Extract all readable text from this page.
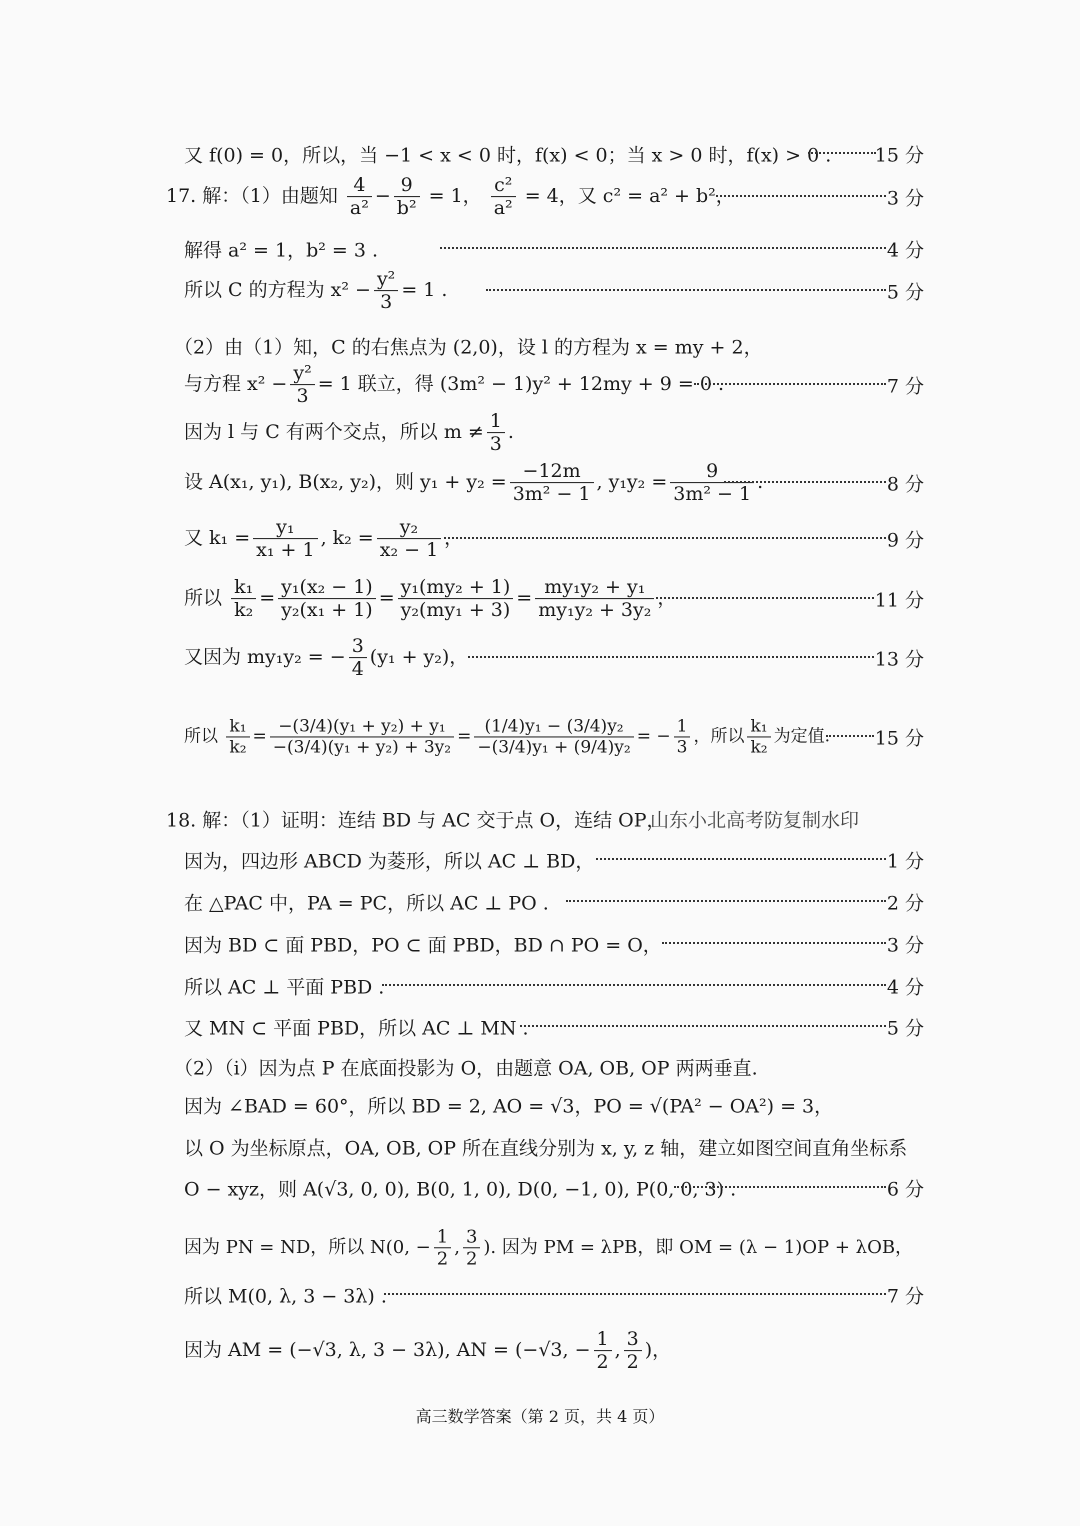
又 f(0) = 0，所以，当 −1 < x < 0 时，f(x) < 0；当 x > 0 时，f(x) > 0 . 15 分
17. 解：（1）由题知 $\frac{4}{\text{a²}} - \frac{9}{\text{b²}} = 1$， $\frac{\text{c²}}{\text{a²}} = 4$，又 c² = a² + b²，	3 分
解得 a² = 1，b² = 3 .	4 分
所以 C 的方程为 $x^2 - \frac{\text{y²}}{3} = 1$ .	5 分
（2）由（1）知，C 的右焦点为 (2,0)，设 l 的方程为 x = my + 2，
与方程 $x^2 - \frac{\text{y²}}{3} = 1$ 联立，得 (3m² − 1)y² + 12my + 9 = 0 .	7 分
因为 l 与 C 有两个交点，所以 $m \ne \frac{1}{3}$ .
设 A(x₁, y₁), B(x₂, y₂)，则 $y_1 + y_2 = \frac{-12m}{\text{3m² − 1}}$ , $y_1y_2 = \frac{9}{\text{3m² − 1}}$ .	8 分
又 $k_1 = \frac{\text{y₁}}{\text{x₁ + 1}}$ , $k_2 = \frac{\text{y₂}}{\text{x₂ − 1}}$ ，	9 分
所以 $\frac{\text{k₁}}{\text{k₂}} = \frac{\text{y₁(x₂ − 1)}}{\text{y₂(x₁ + 1)}} = \frac{\text{y₁(my₂ + 1)}}{\text{y₂(my₁ + 3)}} = \frac{\text{my₁y₂ + y₁}}{\text{my₁y₂ + 3y₂}}$ ，	11 分
又因为 my₁y₂ = − $\frac{3}{4} (y_1 + y_2)$，	13 分
所以 $\frac{\text{k₁}}{\text{k₂}} = \frac{\text{−(3/4)(y₁ + y₂) + y₁}}{\text{−(3/4)(y₁ + y₂) + 3y₂}} = \frac{\text{(1/4)y₁ − (3/4)y₂}}{\text{−(3/4)y₁ + (9/4)y₂}}$ = − $\frac{1}{3}$ ，所以 $\frac{\text{k₁}}{\text{k₂}}$ 为定值. 15 分
18. 解：（1）证明：连结 BD 与 AC 交于点 O，连结 OP，
山东小北高考防复制水印
因为，四边形 ABCD 为菱形，所以 AC ⊥ BD，	1 分
在 △PAC 中，PA = PC，所以 AC ⊥ PO .	2 分
因为 BD ⊂ 面 PBD，PO ⊂ 面 PBD，BD ∩ PO = O，	3 分
所以 AC ⊥ 平面 PBD .	4 分
又 MN ⊂ 平面 PBD，所以 AC ⊥ MN .	5 分
（2）（ⅰ）因为点 P 在底面投影为 O，由题意 OA, OB, OP 两两垂直.
因为 ∠BAD = 60°，所以 BD = 2, AO = √3，PO = √(PA² − OA²) = 3，
以 O 为坐标原点，OA, OB, OP 所在直线分别为 x, y, z 轴，建立如图空间直角坐标系
O − xyz，则 A(√3, 0, 0), B(0, 1, 0), D(0, −1, 0), P(0, 0, 3) .	6 分
因为 PN = ND，所以 N(0, − $\frac{1}{2}$ , $\frac{3}{2}$ ). 因为 PM = λPB，即 OM = (λ − 1)OP + λOB，
所以 M(0, λ, 3 − 3λ) .	7 分
因为 AM = (−√3, λ, 3 − 3λ), AN = (−√3, − $\frac{1}{2}$ , $\frac{3}{2}$ )，
高三数学答案（第 2 页，共 4 页）
